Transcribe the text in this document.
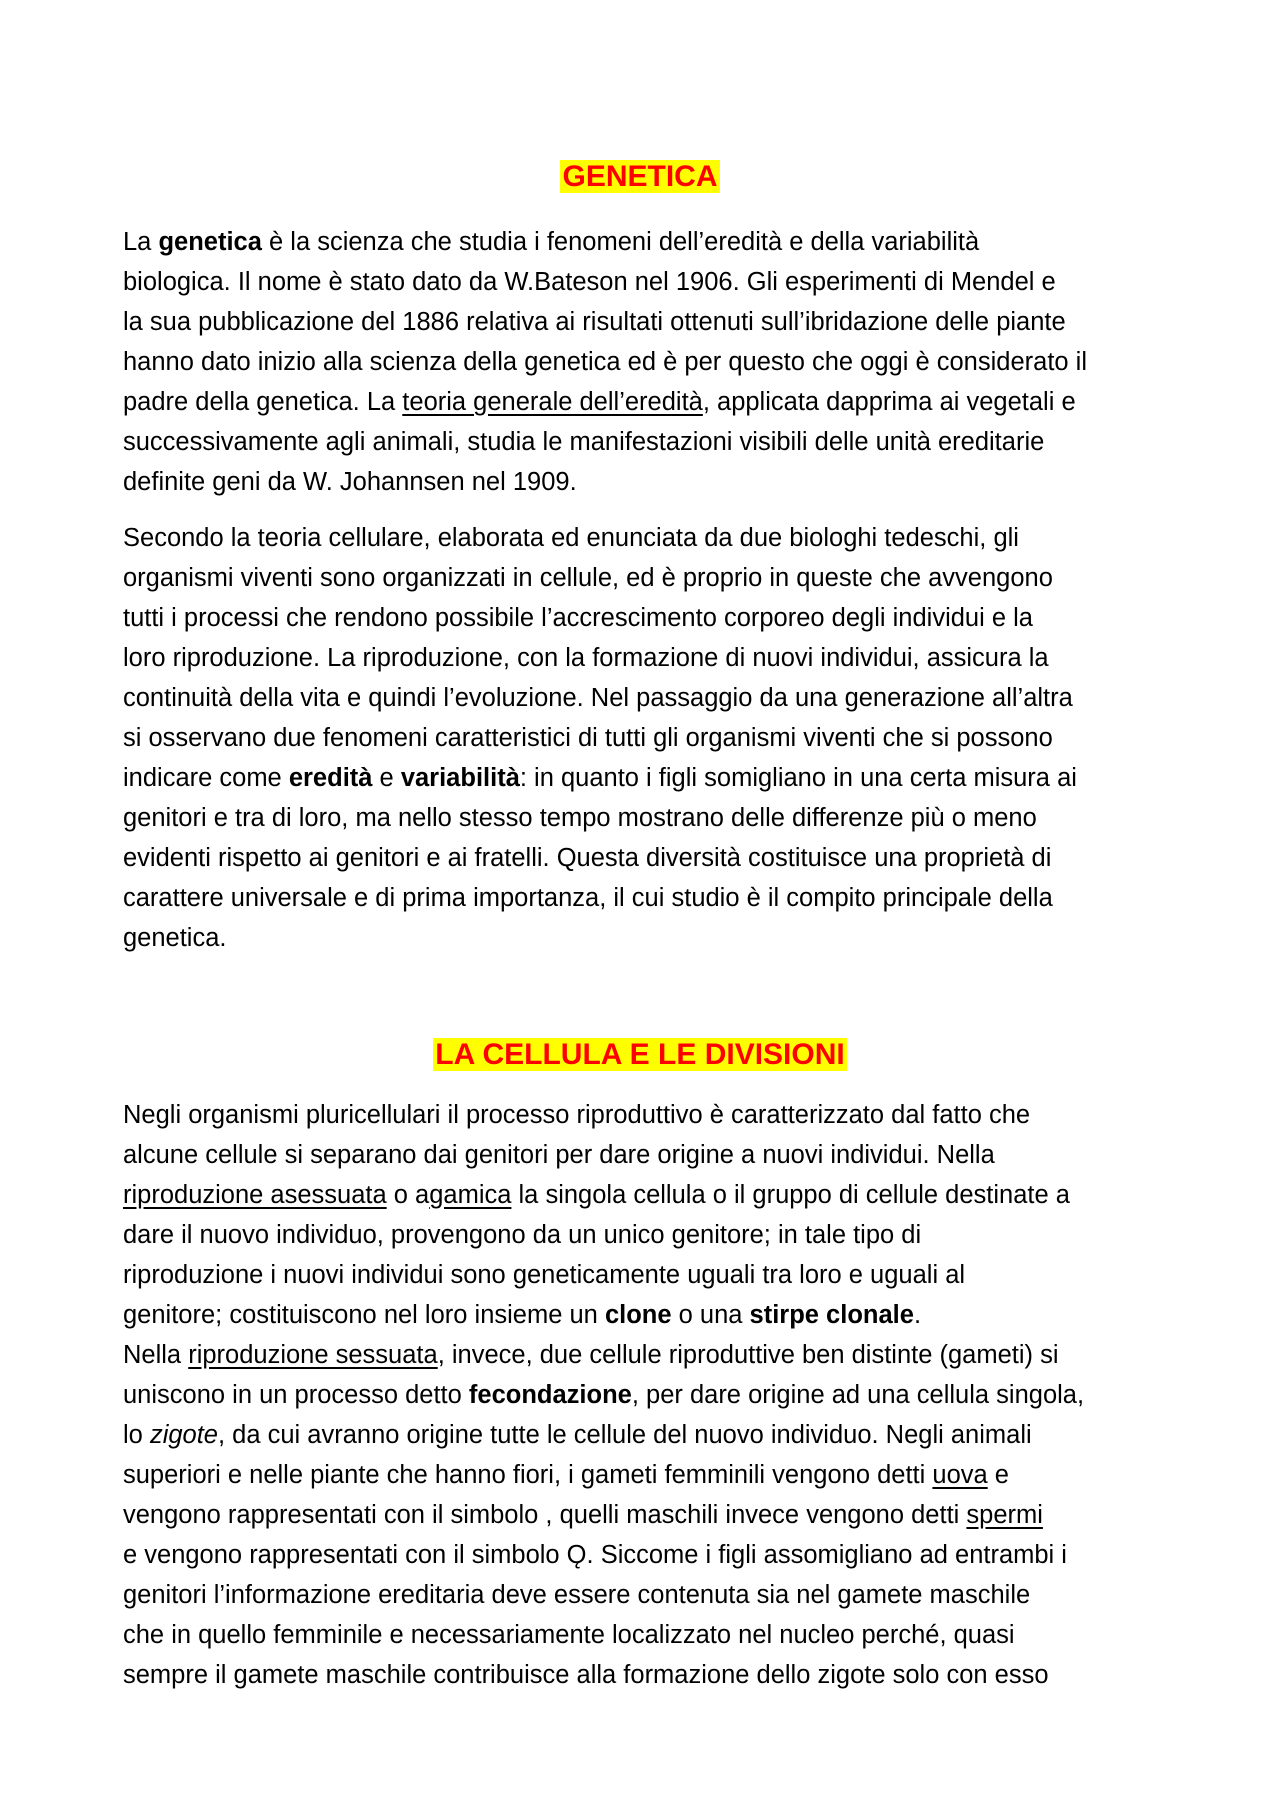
GENETICA
La genetica è la scienza che studia i fenomeni dell’eredità e della variabilità
biologica. Il nome è stato dato da W.Bateson nel 1906. Gli esperimenti di Mendel e
la sua pubblicazione del 1886 relativa ai risultati ottenuti sull’ibridazione delle piante
hanno dato inizio alla scienza della genetica ed è per questo che oggi è considerato il
padre della genetica. La teoria generale dell’eredità, applicata dapprima ai vegetali e
successivamente agli animali, studia le manifestazioni visibili delle unità ereditarie
definite geni da W. Johannsen nel 1909.
Secondo la teoria cellulare, elaborata ed enunciata da due biologhi tedeschi, gli
organismi viventi sono organizzati in cellule, ed è proprio in queste che avvengono
tutti i processi che rendono possibile l’accrescimento corporeo degli individui e la
loro riproduzione. La riproduzione, con la formazione di nuovi individui, assicura la
continuità della vita e quindi l’evoluzione. Nel passaggio da una generazione all’altra
si osservano due fenomeni caratteristici di tutti gli organismi viventi che si possono
indicare come eredità e variabilità: in quanto i figli somigliano in una certa misura ai
genitori e tra di loro, ma nello stesso tempo mostrano delle differenze più o meno
evidenti rispetto ai genitori e ai fratelli. Questa diversità costituisce una proprietà di
carattere universale e di prima importanza, il cui studio è il compito principale della
genetica.
LA CELLULA E LE DIVISIONI
Negli organismi pluricellulari il processo riproduttivo è caratterizzato dal fatto che
alcune cellule si separano dai genitori per dare origine a nuovi individui. Nella
riproduzione asessuata o agamica la singola cellula o il gruppo di cellule destinate a
dare il nuovo individuo, provengono da un unico genitore; in tale tipo di
riproduzione i nuovi individui sono geneticamente uguali tra loro e uguali al
genitore; costituiscono nel loro insieme un clone o una stirpe clonale.
Nella riproduzione sessuata, invece, due cellule riproduttive ben distinte (gameti) si
uniscono in un processo detto fecondazione, per dare origine ad una cellula singola,
lo zigote, da cui avranno origine tutte le cellule del nuovo individuo. Negli animali
superiori e nelle piante che hanno fiori, i gameti femminili vengono detti uova e
vengono rappresentati con il simbolo , quelli maschili invece vengono detti spermi
e vengono rappresentati con il simbolo Ǫ. Siccome i figli assomigliano ad entrambi i
genitori l’informazione ereditaria deve essere contenuta sia nel gamete maschile
che in quello femminile e necessariamente localizzato nel nucleo perché, quasi
sempre il gamete maschile contribuisce alla formazione dello zigote solo con esso
